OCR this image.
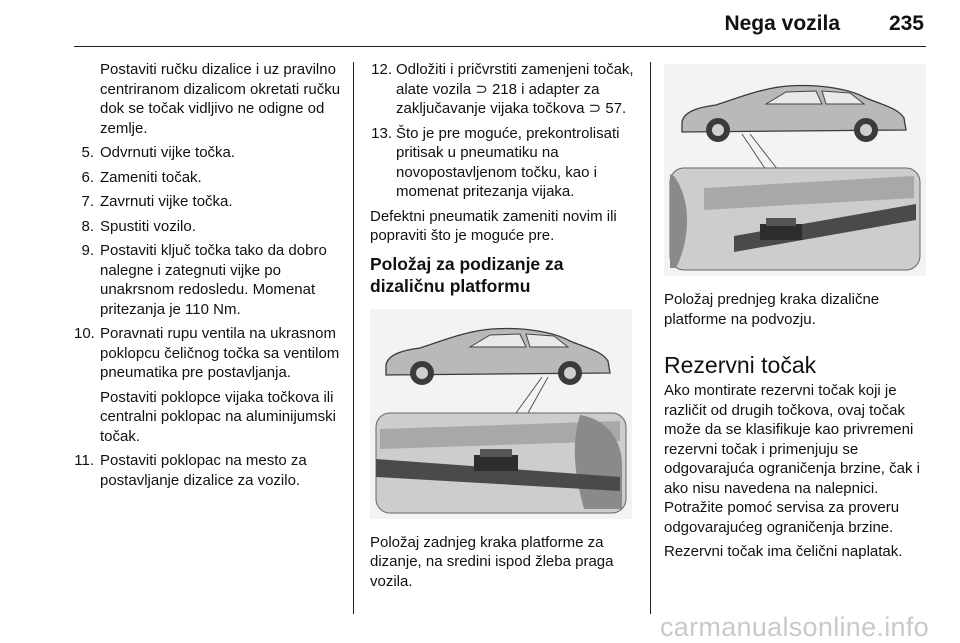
Nega vozila 235
Postaviti ručku dizalice i uz pravilno centriranom dizalicom okretati ručku dok se točak vidljivo ne odigne od zemlje.
5. Odvrnuti vijke točka.
6. Zameniti točak.
7. Zavrnuti vijke točka.
8. Spustiti vozilo.
9. Postaviti ključ točka tako da dobro nalegne i zategnuti vijke po unakrsnom redosledu. Momenat pritezanja je 110 Nm.
10. Poravnati rupu ventila na ukrasnom poklopcu čeličnog točka sa ventilom pneumatika pre postavljanja.
Postaviti poklopce vijaka točkova ili centralni poklopac na aluminijumski točak.
11. Postaviti poklopac na mesto za postavljanje dizalice za vozilo.
12. Odložiti i pričvrstiti zamenjeni točak, alate vozila ⊃ 218 i adapter za zaključavanje vijaka točkova ⊃ 57.
13. Što je pre moguće, prekontrolisati pritisak u pneumatiku na novopostavljenom točku, kao i momenat pritezanja vijaka.
Defektni pneumatik zameniti novim ili popraviti što je moguće pre.
Položaj za podizanje za dizaličnu platformu
Položaj zadnjeg kraka platforme za dizanje, na sredini ispod žleba praga vozila.
Položaj prednjeg kraka dizalične platforme na podvozju.
Rezervni točak
Ako montirate rezervni točak koji je različit od drugih točkova, ovaj točak može da se klasifikuje kao privremeni rezervni točak i primenjuju se odgovarajuća ograničenja brzine, čak i ako nisu navedena na nalepnici. Potražite pomoć servisa za proveru odgovarajućeg ograničenja brzine.
Rezervni točak ima čelični naplatak.
carmanualsonline.info
